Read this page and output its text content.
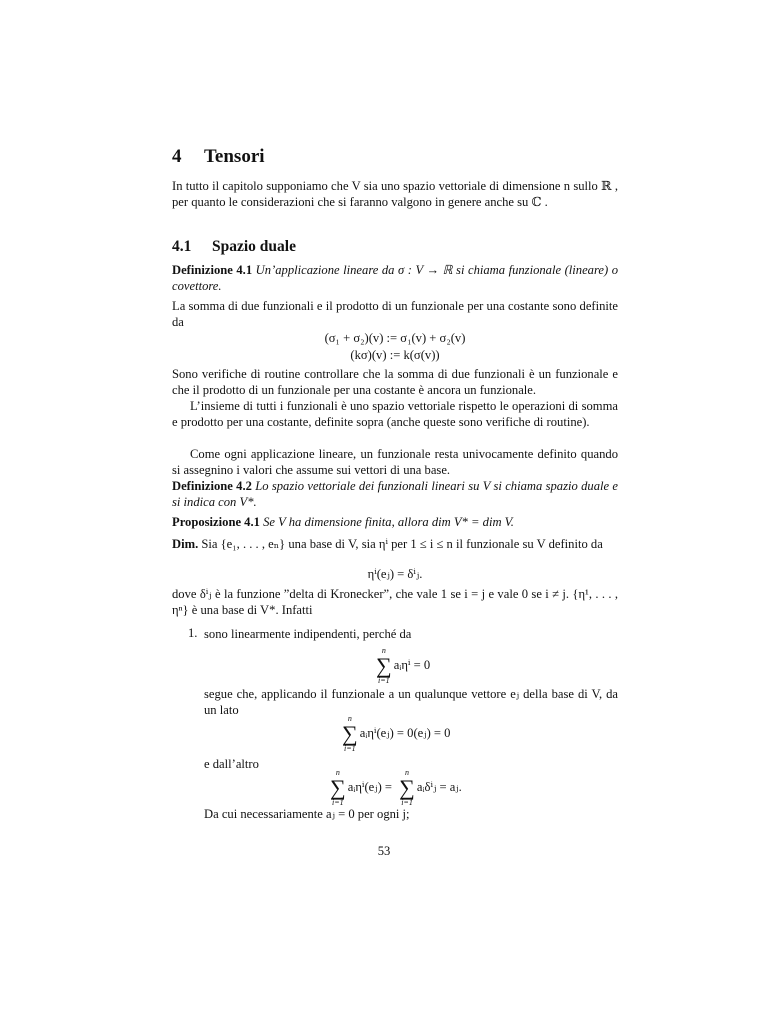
4 Tensori
In tutto il capitolo supponiamo che V sia uno spazio vettoriale di dimensione n sullo ℝ , per quanto le considerazioni che si faranno valgono in genere anche su ℂ .
4.1 Spazio duale
Definizione 4.1 Un’applicazione lineare da σ : V → ℝ si chiama funzionale (lineare) o covettore.
La somma di due funzionali e il prodotto di un funzionale per una costante sono definite da
(σ₁ + σ₂)(v) := σ₁(v) + σ₂(v)
(kσ)(v) := k(σ(v))
Sono verifiche di routine controllare che la somma di due funzionali è un funzionale e che il prodotto di un funzionale per una costante è ancora un funzionale.
L’insieme di tutti i funzionali è uno spazio vettoriale rispetto le operazioni di somma e prodotto per una costante, definite sopra (anche queste sono verifiche di routine).
Come ogni applicazione lineare, un funzionale resta univocamente definito quando si assegnino i valori che assume sui vettori di una base.
Definizione 4.2 Lo spazio vettoriale dei funzionali lineari su V si chiama spazio duale e si indica con V*.
Proposizione 4.1 Se V ha dimensione finita, allora dim V* = dim V.
Dim. Sia {e₁, . . . , eₙ} una base di V, sia ηⁱ per 1 ≤ i ≤ n il funzionale su V definito da
ηⁱ(eⱼ) = δⁱⱼ.
dove δⁱⱼ è la funzione ”delta di Kronecker”, che vale 1 se i = j e vale 0 se i ≠ j. {η¹, . . . , ηⁿ} è una base di V*. Infatti
1. sono linearmente indipendenti, perché da
n
∑
i=1
aᵢηⁱ = 0
segue che, applicando il funzionale a un qualunque vettore eⱼ della base di V, da un lato
n
∑
i=1
aᵢηⁱ(eⱼ) = 0(eⱼ) = 0
e dall’altro
n
∑
i=1
aᵢηⁱ(eⱼ) =
n
∑
i=1
aᵢδⁱⱼ = aⱼ.
Da cui necessariamente aⱼ = 0 per ogni j;
53
